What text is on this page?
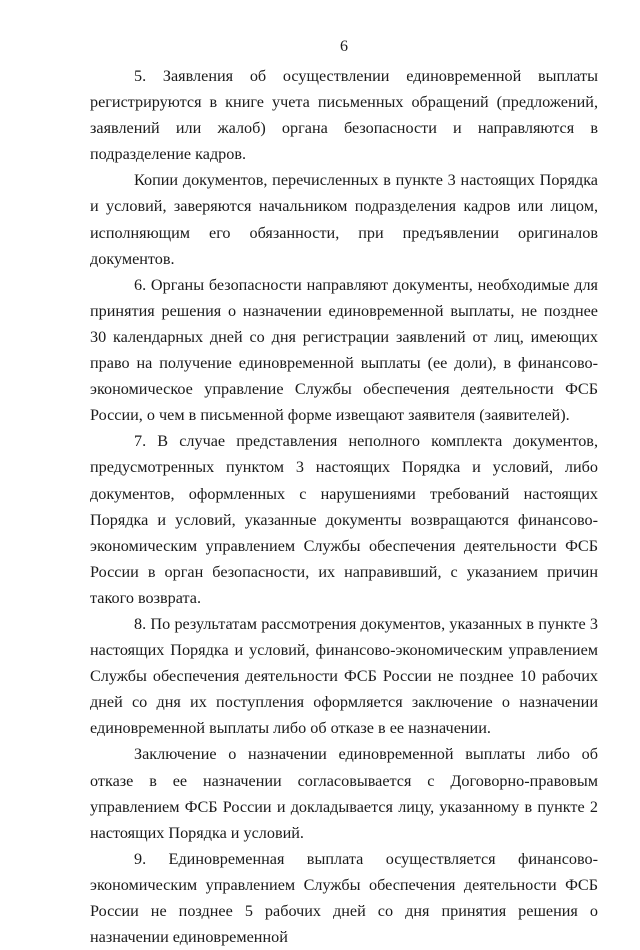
6

5. Заявления об осуществлении единовременной выплаты регистрируются в книге учета письменных обращений (предложений, заявлений или жалоб) органа безопасности и направляются в подразделение кадров.

Копии документов, перечисленных в пункте 3 настоящих Порядка и условий, заверяются начальником подразделения кадров или лицом, исполняющим его обязанности, при предъявлении оригиналов документов.

6. Органы безопасности направляют документы, необходимые для принятия решения о назначении единовременной выплаты, не позднее 30 календарных дней со дня регистрации заявлений от лиц, имеющих право на получение единовременной выплаты (ее доли), в финансово-экономическое управление Службы обеспечения деятельности ФСБ России, о чем в письменной форме извещают заявителя (заявителей).

7. В случае представления неполного комплекта документов, предусмотренных пунктом 3 настоящих Порядка и условий, либо документов, оформленных с нарушениями требований настоящих Порядка и условий, указанные документы возвращаются финансово-экономическим управлением Службы обеспечения деятельности ФСБ России в орган безопасности, их направивший, с указанием причин такого возврата.

8. По результатам рассмотрения документов, указанных в пункте 3 настоящих Порядка и условий, финансово-экономическим управлением Службы обеспечения деятельности ФСБ России не позднее 10 рабочих дней со дня их поступления оформляется заключение о назначении единовременной выплаты либо об отказе в ее назначении.

Заключение о назначении единовременной выплаты либо об отказе в ее назначении согласовывается с Договорно-правовым управлением ФСБ России и докладывается лицу, указанному в пункте 2 настоящих Порядка и условий.

9. Единовременная выплата осуществляется финансово-экономическим управлением Службы обеспечения деятельности ФСБ России не позднее 5 рабочих дней со дня принятия решения о назначении единовременной
